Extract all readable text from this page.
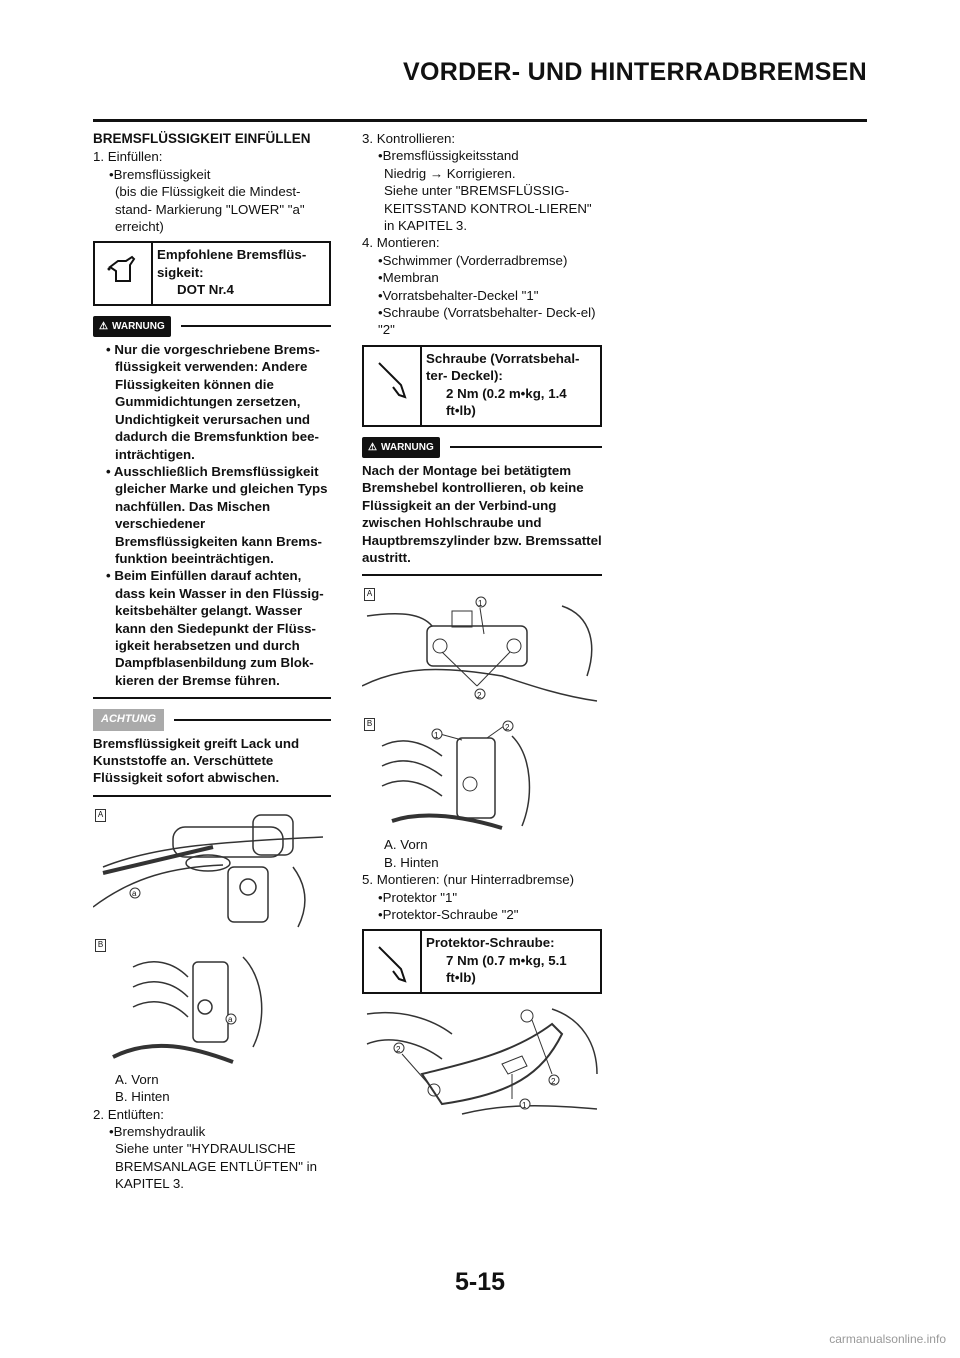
VORDER- UND HINTERRADBREMSEN
BREMSFLÜSSIGKEIT EINFÜLLEN
1. Einfüllen:
•Bremsflüssigkeit
(bis die Flüssigkeit die Mindest-stand- Markierung "LOWER" "a" erreicht)
Empfohlene Bremsflüs-sigkeit:
DOT Nr.4
⚠ WARNUNG
• Nur die vorgeschriebene Brems-flüssigkeit verwenden: Andere Flüssigkeiten können die Gummidichtungen zersetzen, Undichtigkeit verursachen und dadurch die Bremsfunktion bee-inträchtigen.
• Ausschließlich Bremsflüssigkeit gleicher Marke und gleichen Typs nachfüllen. Das Mischen verschiedener Bremsflüssigkeiten kann Brems-funktion beeinträchtigen.
• Beim Einfüllen darauf achten, dass kein Wasser in den Flüssig-keitsbehälter gelangt. Wasser kann den Siedepunkt der Flüss-igkeit herabsetzen und durch Dampfblasenbildung zum Blok-kieren der Bremse führen.
ACHTUNG
Bremsflüssigkeit greift Lack und Kunststoffe an. Verschüttete Flüssigkeit sofort abwischen.
A
a
B
a
A. Vorn
B. Hinten
2. Entlüften:
•Bremshydraulik
Siehe unter "HYDRAULISCHE BREMSANLAGE ENTLÜFTEN" in KAPITEL 3.
3. Kontrollieren:
•Bremsflüssigkeitsstand
Niedrig → Korrigieren.
Siehe unter "BREMSFLÜSSIG-KEITSSTAND KONTROL-LIEREN" in KAPITEL 3.
4. Montieren:
•Schwimmer (Vorderradbremse)
•Membran
•Vorratsbehalter-Deckel "1"
•Schraube (Vorratsbehalter- Deck-el) "2"
Schraube (Vorratsbehal-ter- Deckel):
2 Nm (0.2 m•kg, 1.4 ft•lb)
⚠ WARNUNG
Nach der Montage bei betätigtem Bremshebel kontrollieren, ob keine Flüssigkeit an der Verbind-ung zwischen Hohlschraube und Hauptbremszylinder bzw. Bremssattel austritt.
A
1
2
B
1
2
A. Vorn
B. Hinten
5. Montieren: (nur Hinterradbremse)
•Protektor "1"
•Protektor-Schraube "2"
Protektor-Schraube:
7 Nm (0.7 m•kg, 5.1 ft•lb)
2
2
1
5-15
carmanualsonline.info
